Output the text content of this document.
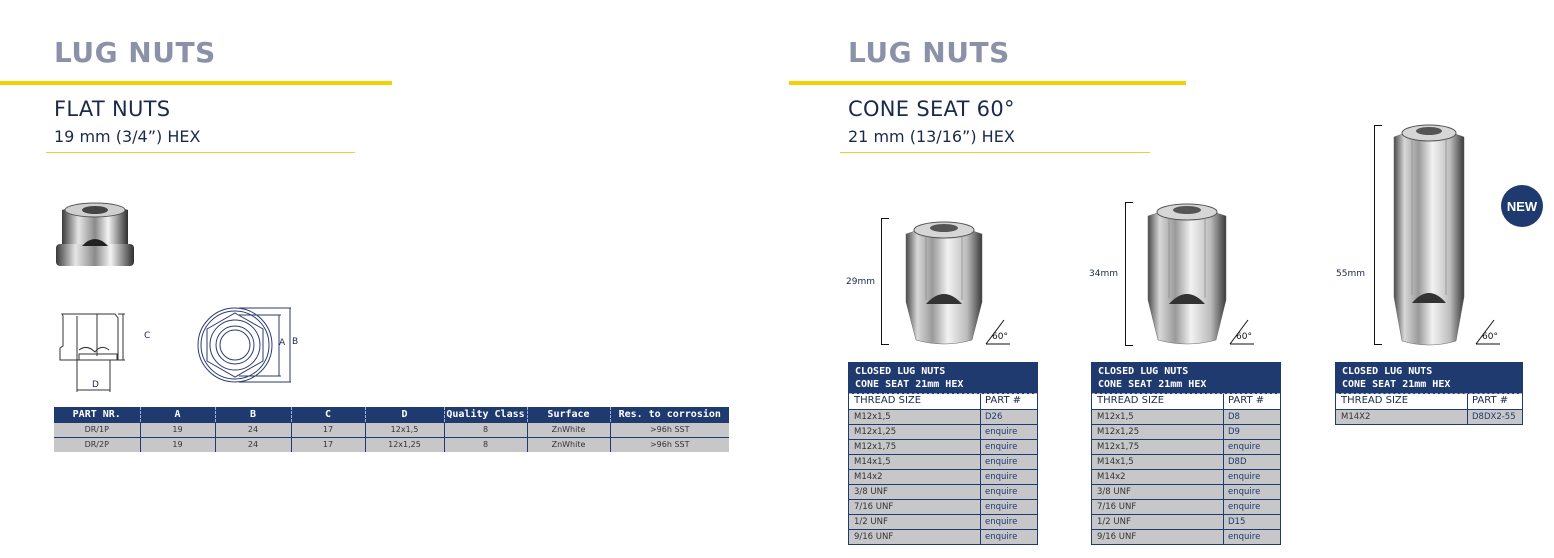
LUG NUTS
FLAT NUTS
19 mm (3/4”) HEX
C
D
A B
PART NR.	A	B	C	D	Quality Class	Surface	Res. to corrosion
DR/1P	19	24	17	12x1,5	8	ZnWhite	>96h SST
DR/2P	19	24	17	12x1,25	8	ZnWhite	>96h SST
LUG NUTS
CONE SEAT 60°
21 mm (13/16”) HEX
29mm
60°
34mm
60°
55mm
60°
NEW
CLOSED LUG NUTS
CONE SEAT 21mm HEX
THREAD SIZE	PART #
M12x1,5	D26
M12x1,25	enquire
M12x1,75	enquire
M14x1,5	enquire
M14x2	enquire
3/8 UNF	enquire
7/16 UNF	enquire
1/2 UNF	enquire
9/16 UNF	enquire
CLOSED LUG NUTS
CONE SEAT 21mm HEX
THREAD SIZE	PART #
M12x1,5	D8
M12x1,25	D9
M12x1,75	enquire
M14x1,5	D8D
M14x2	enquire
3/8 UNF	enquire
7/16 UNF	enquire
1/2 UNF	D15
9/16 UNF	enquire
CLOSED LUG NUTS
CONE SEAT 21mm HEX
THREAD SIZE	PART #
M14X2	D8DX2-55
